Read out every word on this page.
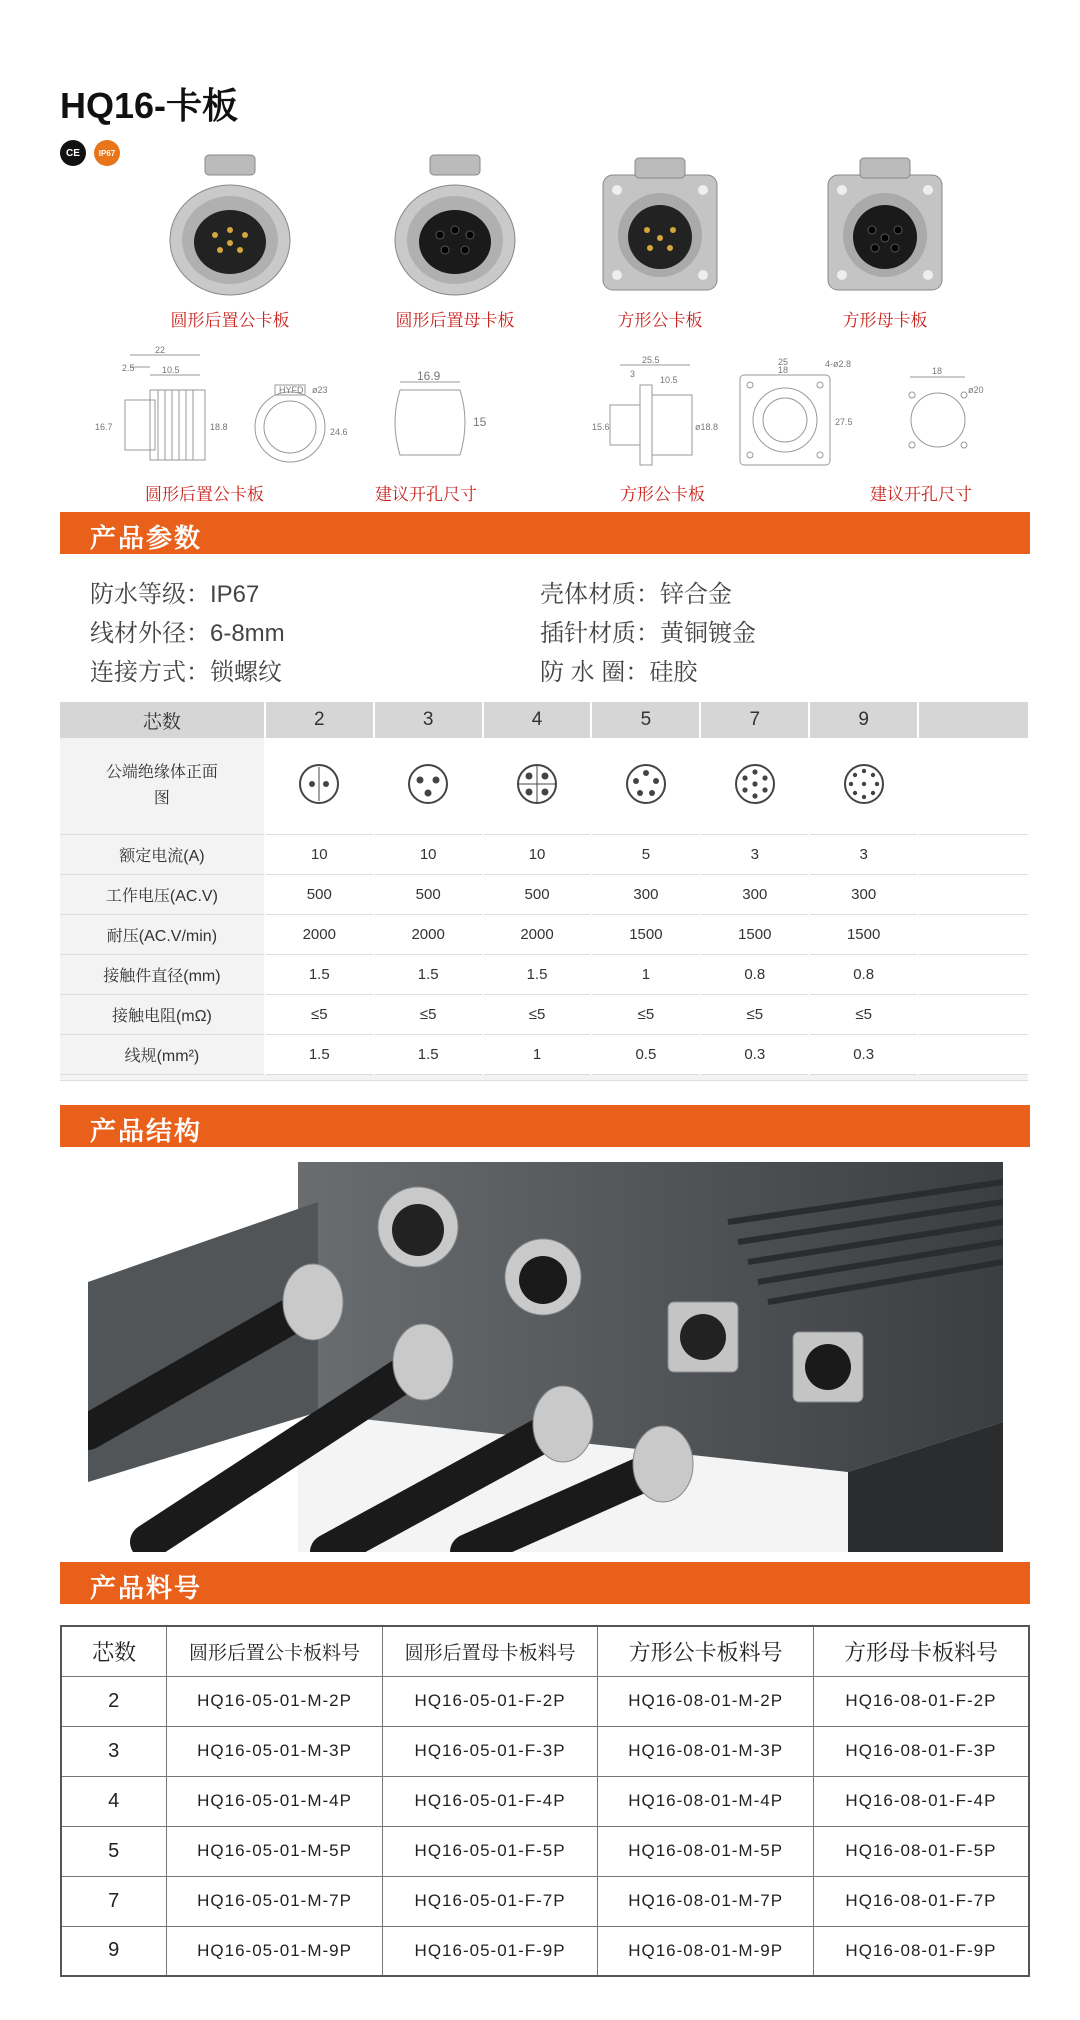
HQ16-卡板
CE	IP67
圆形后置公卡板	圆形后置母卡板	方形公卡板	方形母卡板
22
2.5	10.5
16.7	18.8
ø23
24.6
HYFD
圆形后置公卡板
16.9
15
建议开孔尺寸
25.5
3
10.5
15.6	ø18.8
25
18
4-ø2.8
27.5
方形公卡板
18
ø20
建议开孔尺寸
产品参数
防水等级：IP67	壳体材质：锌合金
线材外径：6-8mm	插针材质：黄铜镀金
连接方式：锁螺纹	防 水 圈：硅胶
芯数	2	3	4	5	7	9	

公端绝缘体正面图

额定电流(A)	10	10	10	5	3	3	
工作电压(AC.V)	500	500	500	300	300	300	
耐压(AC.V/min)	2000	2000	2000	1500	1500	1500	
接触件直径(mm)	1.5	1.5	1.5	1	0.8	0.8	
接触电阻(mΩ)	≤5	≤5	≤5	≤5	≤5	≤5	
线规(mm²)	1.5	1.5	1	0.5	0.3	0.3	

产品结构
产品料号
芯数	圆形后置公卡板料号	圆形后置母卡板料号	方形公卡板料号	方形母卡板料号
2	HQ16-05-01-M-2P	HQ16-05-01-F-2P	HQ16-08-01-M-2P	HQ16-08-01-F-2P
3	HQ16-05-01-M-3P	HQ16-05-01-F-3P	HQ16-08-01-M-3P	HQ16-08-01-F-3P
4	HQ16-05-01-M-4P	HQ16-05-01-F-4P	HQ16-08-01-M-4P	HQ16-08-01-F-4P
5	HQ16-05-01-M-5P	HQ16-05-01-F-5P	HQ16-08-01-M-5P	HQ16-08-01-F-5P
7	HQ16-05-01-M-7P	HQ16-05-01-F-7P	HQ16-08-01-M-7P	HQ16-08-01-F-7P
9	HQ16-05-01-M-9P	HQ16-05-01-F-9P	HQ16-08-01-M-9P	HQ16-08-01-F-9P
